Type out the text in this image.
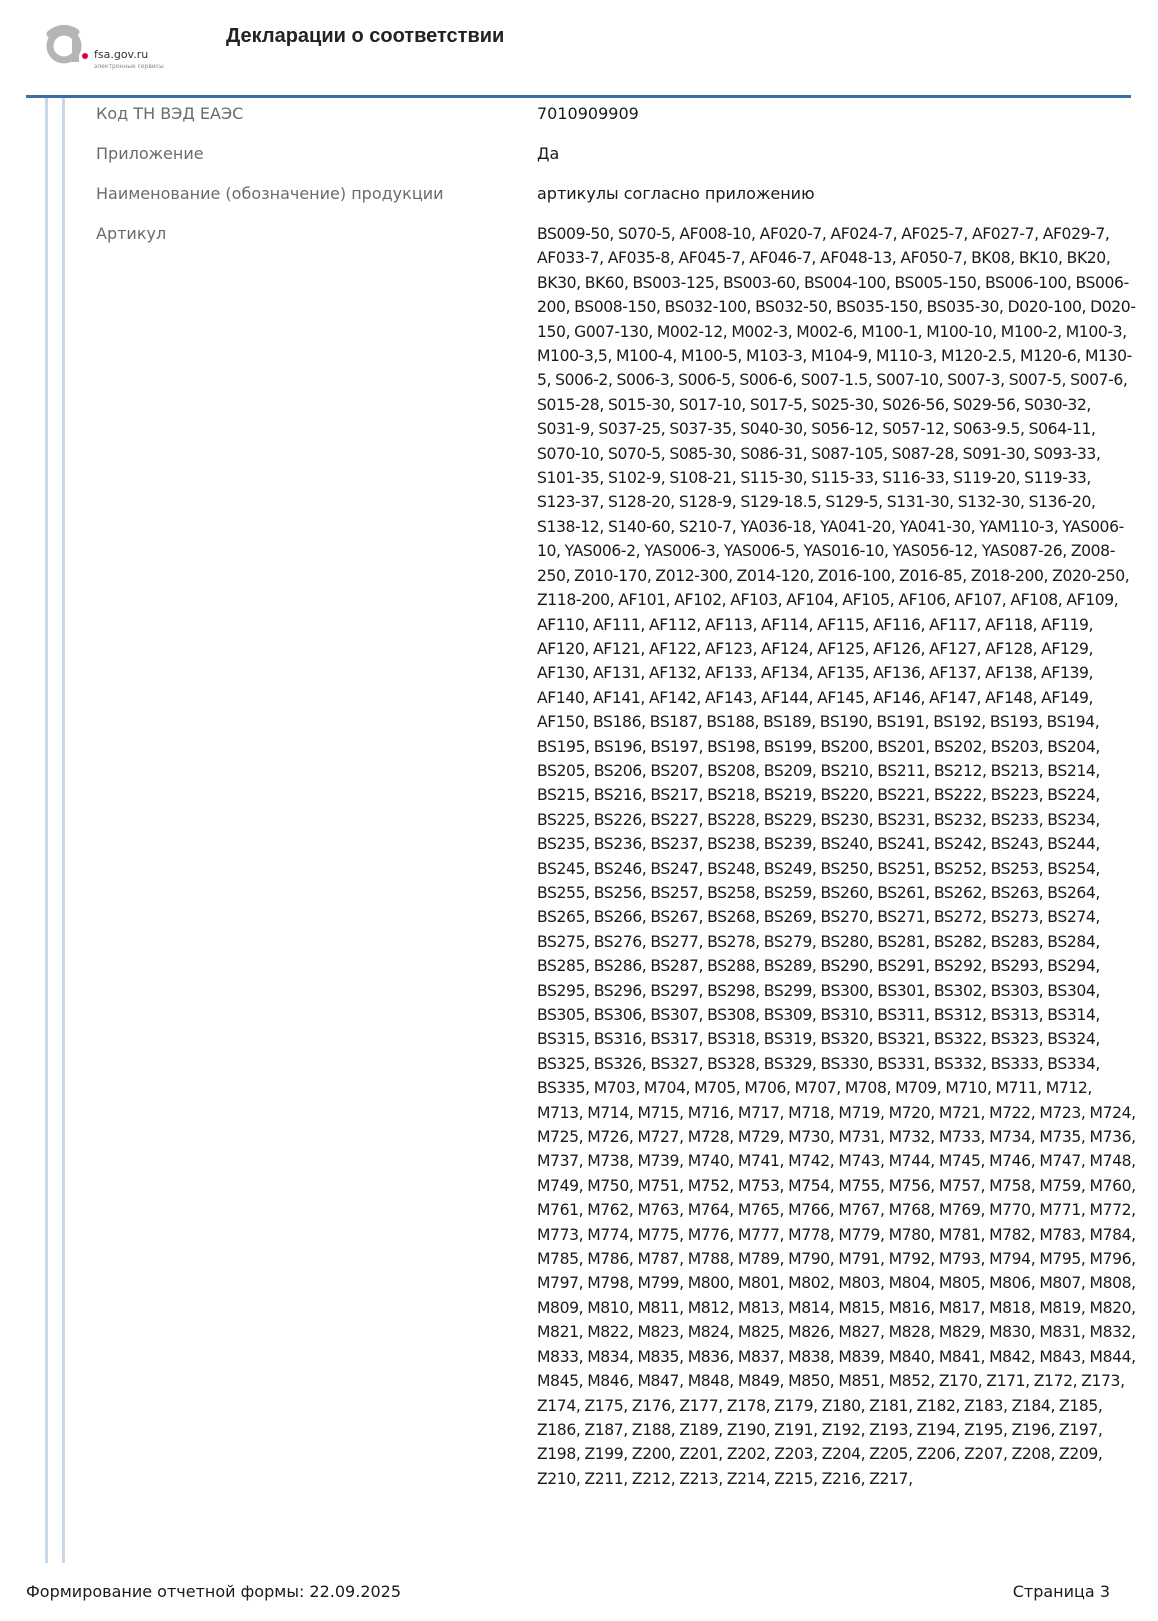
fsa.gov.ru
электронные сервисы
Декларации о соответствии
Код ТН ВЭД ЕАЭС	7010909909
Приложение	Да
Наименование (обозначение) продукции	артикулы согласно приложению
Артикул	BS009-50, S070-5, AF008-10, AF020-7, AF024-7, AF025-7, AF027-7, AF029-7, AF033-7, AF035-8, AF045-7, AF046-7, AF048-13, AF050-7, BK08, BK10, BK20, BK30, BK60, BS003-125, BS003-60, BS004-100, BS005-150, BS006-100, BS006-200, BS008-150, BS032-100, BS032-50, BS035-150, BS035-30, D020-100, D020-150, G007-130, M002-12, M002-3, M002-6, M100-1, M100-10, M100-2, M100-3, M100-3,5, M100-4, M100-5, M103-3, M104-9, M110-3, M120-2.5, M120-6, M130-5, S006-2, S006-3, S006-5, S006-6, S007-1.5, S007-10, S007-3, S007-5, S007-6, S015-28, S015-30, S017-10, S017-5, S025-30, S026-56, S029-56, S030-32, S031-9, S037-25, S037-35, S040-30, S056-12, S057-12, S063-9.5, S064-11, S070-10, S070-5, S085-30, S086-31, S087-105, S087-28, S091-30, S093-33, S101-35, S102-9, S108-21, S115-30, S115-33, S116-33, S119-20, S119-33, S123-37, S128-20, S128-9, S129-18.5, S129-5, S131-30, S132-30, S136-20, S138-12, S140-60, S210-7, YA036-18, YA041-20, YA041-30, YAM110-3, YAS006-10, YAS006-2, YAS006-3, YAS006-5, YAS016-10, YAS056-12, YAS087-26, Z008-250, Z010-170, Z012-300, Z014-120, Z016-100, Z016-85, Z018-200, Z020-250, Z118-200, AF101, AF102, AF103, AF104, AF105, AF106, AF107, AF108, AF109, AF110, AF111, AF112, AF113, AF114, AF115, AF116, AF117, AF118, AF119, AF120, AF121, AF122, AF123, AF124, AF125, AF126, AF127, AF128, AF129, AF130, AF131, AF132, AF133, AF134, AF135, AF136, AF137, AF138, AF139, AF140, AF141, AF142, AF143, AF144, AF145, AF146, AF147, AF148, AF149, AF150, BS186, BS187, BS188, BS189, BS190, BS191, BS192, BS193, BS194, BS195, BS196, BS197, BS198, BS199, BS200, BS201, BS202, BS203, BS204, BS205, BS206, BS207, BS208, BS209, BS210, BS211, BS212, BS213, BS214, BS215, BS216, BS217, BS218, BS219, BS220, BS221, BS222, BS223, BS224, BS225, BS226, BS227, BS228, BS229, BS230, BS231, BS232, BS233, BS234, BS235, BS236, BS237, BS238, BS239, BS240, BS241, BS242, BS243, BS244, BS245, BS246, BS247, BS248, BS249, BS250, BS251, BS252, BS253, BS254, BS255, BS256, BS257, BS258, BS259, BS260, BS261, BS262, BS263, BS264, BS265, BS266, BS267, BS268, BS269, BS270, BS271, BS272, BS273, BS274, BS275, BS276, BS277, BS278, BS279, BS280, BS281, BS282, BS283, BS284, BS285, BS286, BS287, BS288, BS289, BS290, BS291, BS292, BS293, BS294, BS295, BS296, BS297, BS298, BS299, BS300, BS301, BS302, BS303, BS304, BS305, BS306, BS307, BS308, BS309, BS310, BS311, BS312, BS313, BS314, BS315, BS316, BS317, BS318, BS319, BS320, BS321, BS322, BS323, BS324, BS325, BS326, BS327, BS328, BS329, BS330, BS331, BS332, BS333, BS334, BS335, M703, M704, M705, M706, M707, M708, M709, M710, M711, M712, M713, M714, M715, M716, M717, M718, M719, M720, M721, M722, M723, M724, M725, M726, M727, M728, M729, M730, M731, M732, M733, M734, M735, M736, M737, M738, M739, M740, M741, M742, M743, M744, M745, M746, M747, M748, M749, M750, M751, M752, M753, M754, M755, M756, M757, M758, M759, M760, M761, M762, M763, M764, M765, M766, M767, M768, M769, M770, M771, M772, M773, M774, M775, M776, M777, M778, M779, M780, M781, M782, M783, M784, M785, M786, M787, M788, M789, M790, M791, M792, M793, M794, M795, M796, M797, M798, M799, M800, M801, M802, M803, M804, M805, M806, M807, M808, M809, M810, M811, M812, M813, M814, M815, M816, M817, M818, M819, M820, M821, M822, M823, M824, M825, M826, M827, M828, M829, M830, M831, M832, M833, M834, M835, M836, M837, M838, M839, M840, M841, M842, M843, M844, M845, M846, M847, M848, M849, M850, M851, M852, Z170, Z171, Z172, Z173, Z174, Z175, Z176, Z177, Z178, Z179, Z180, Z181, Z182, Z183, Z184, Z185, Z186, Z187, Z188, Z189, Z190, Z191, Z192, Z193, Z194, Z195, Z196, Z197, Z198, Z199, Z200, Z201, Z202, Z203, Z204, Z205, Z206, Z207, Z208, Z209, Z210, Z211, Z212, Z213, Z214, Z215, Z216, Z217,
Формирование отчетной формы: 22.09.2025	Страница 3
